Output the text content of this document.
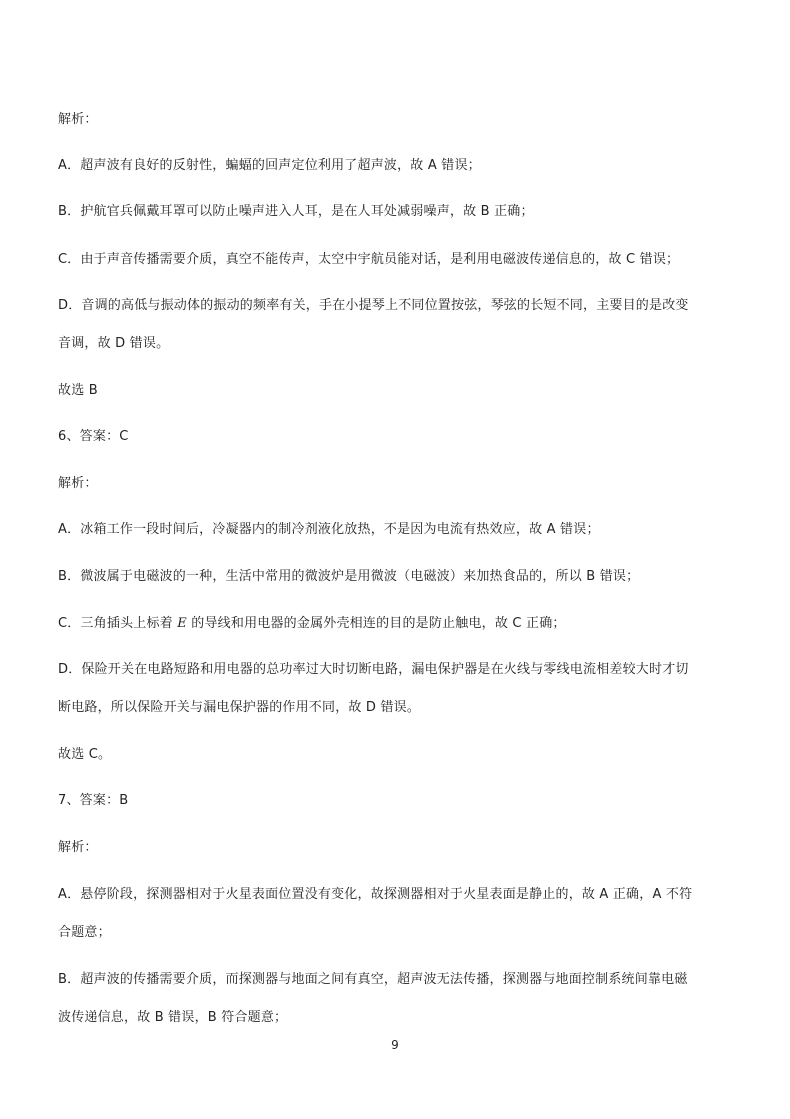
解析：
A．超声波有良好的反射性，蝙蝠的回声定位利用了超声波，故 A 错误；
B．护航官兵佩戴耳罩可以防止噪声进入人耳，是在人耳处减弱噪声，故 B 正确；
C．由于声音传播需要介质，真空不能传声，太空中宇航员能对话，是利用电磁波传递信息的，故 C 错误；
D．音调的高低与振动体的振动的频率有关，手在小提琴上不同位置按弦，琴弦的长短不同，主要目的是改变
音调，故 D 错误。
故选 B
6、答案：C
解析：
A．冰箱工作一段时间后，冷凝器内的制冷剂液化放热，不是因为电流有热效应，故 A 错误；
B．微波属于电磁波的一种，生活中常用的微波炉是用微波（电磁波）来加热食品的，所以 B 错误；
C．三角插头上标着 E 的导线和用电器的金属外壳相连的目的是防止触电，故 C 正确；
D．保险开关在电路短路和用电器的总功率过大时切断电路，漏电保护器是在火线与零线电流相差较大时才切
断电路，所以保险开关与漏电保护器的作用不同，故 D 错误。
故选 C。
7、答案：B
解析：
A．悬停阶段，探测器相对于火星表面位置没有变化，故探测器相对于火星表面是静止的，故 A 正确，A 不符
合题意；
B．超声波的传播需要介质，而探测器与地面之间有真空，超声波无法传播，探测器与地面控制系统间靠电磁
波传递信息，故 B 错误，B 符合题意；
9
